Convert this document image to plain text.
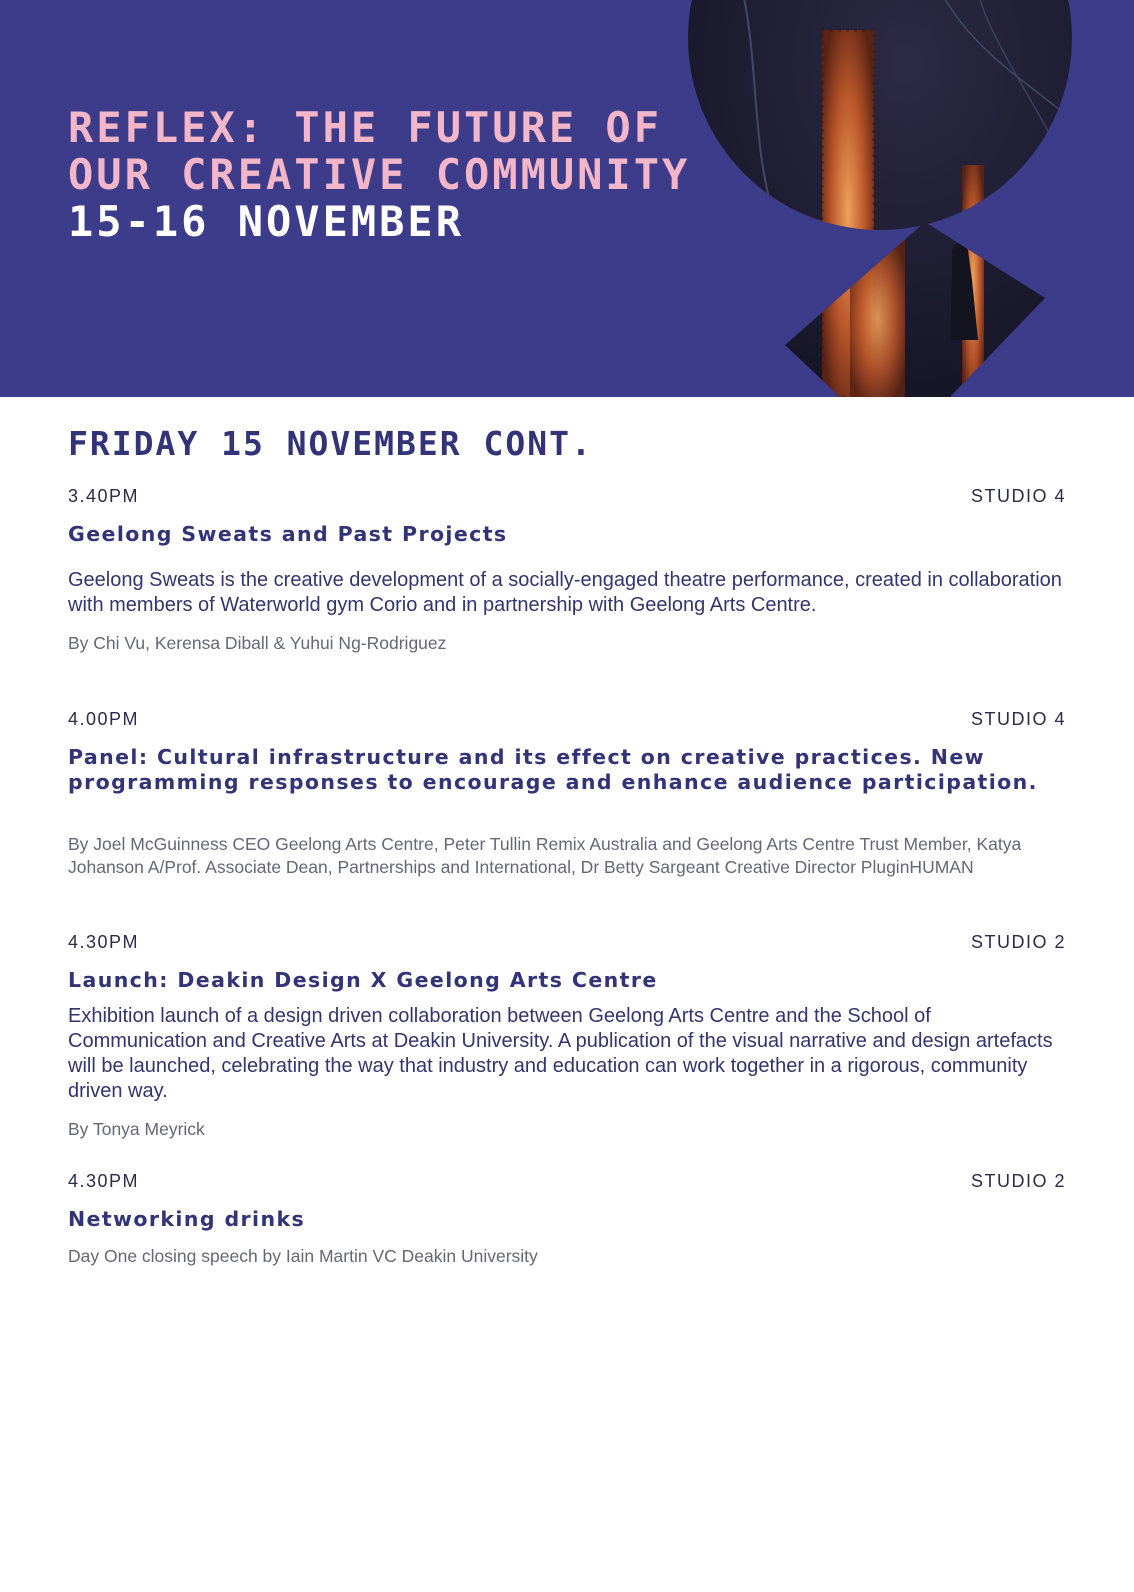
REFLEX: THE FUTURE OF
OUR CREATIVE COMMUNITY
15-16 NOVEMBER
FRIDAY 15 NOVEMBER CONT.
3.40PM	STUDIO 4
Geelong Sweats and Past Projects
Geelong Sweats is the creative development of a socially-engaged theatre performance, created in collaboration with members of Waterworld gym Corio and in partnership with Geelong Arts Centre.
By Chi Vu, Kerensa Diball & Yuhui Ng-Rodriguez
4.00PM	STUDIO 4
Panel: Cultural infrastructure and its effect on creative practices. New programming responses to encourage and enhance audience participation.
By Joel McGuinness CEO Geelong Arts Centre, Peter Tullin Remix Australia and Geelong Arts Centre Trust Member, Katya Johanson A/Prof. Associate Dean, Partnerships and International, Dr Betty Sargeant Creative Director PluginHUMAN
4.30PM	STUDIO 2
Launch: Deakin Design X Geelong Arts Centre
Exhibition launch of a design driven collaboration between Geelong Arts Centre and the School of Communication and Creative Arts at Deakin University. A publication of the visual narrative and design artefacts will be launched, celebrating the way that industry and education can work together in a rigorous, community driven way.
By Tonya Meyrick
4.30PM	STUDIO 2
Networking drinks
Day One closing speech by Iain Martin VC Deakin University
